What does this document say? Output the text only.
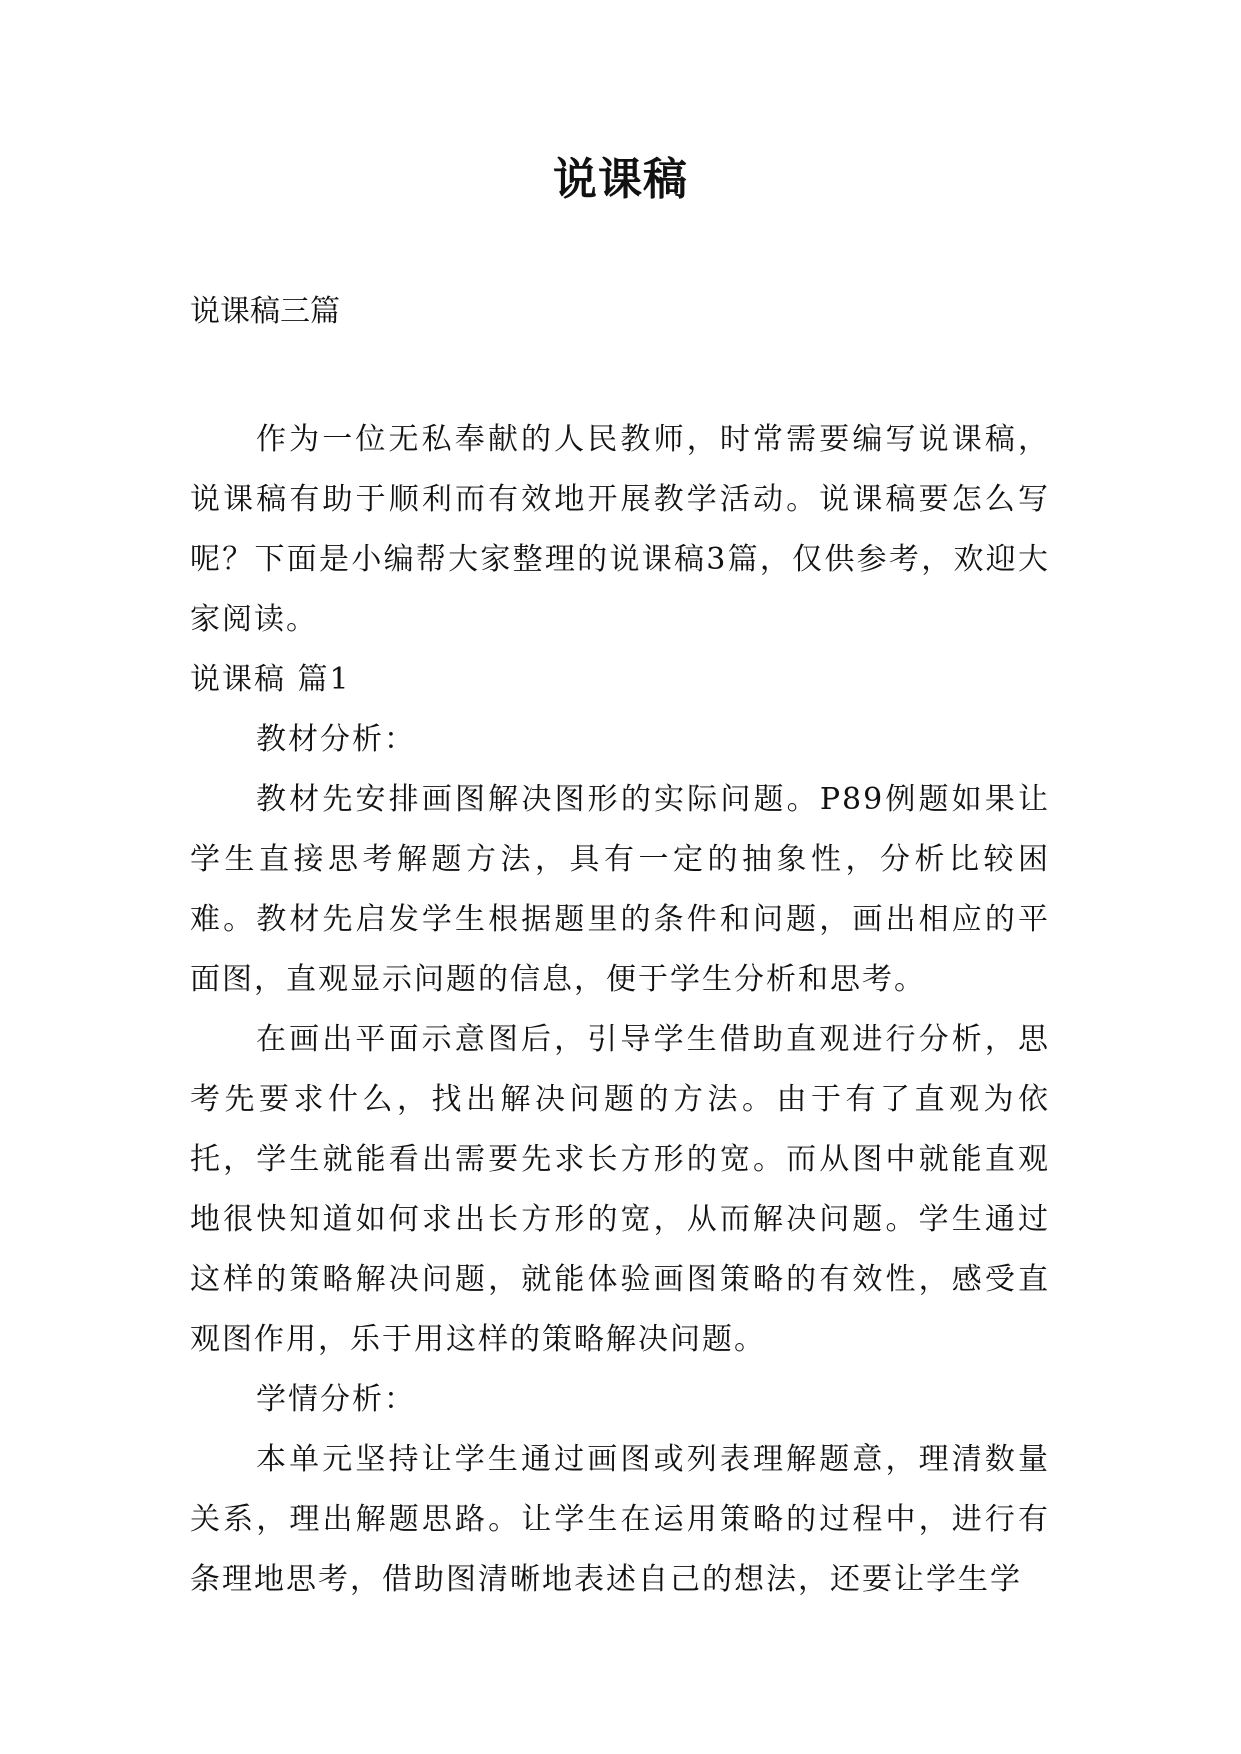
说课稿

说课稿三篇

作为一位无私奉献的人民教师，时常需要编写说课稿，说课稿有助于顺利而有效地开展教学活动。说课稿要怎么写呢？下面是小编帮大家整理的说课稿3篇，仅供参考，欢迎大家阅读。

说课稿 篇1

教材分析：

教材先安排画图解决图形的实际问题。P89例题如果让学生直接思考解题方法，具有一定的抽象性，分析比较困难。教材先启发学生根据题里的条件和问题，画出相应的平面图，直观显示问题的信息，便于学生分析和思考。

在画出平面示意图后，引导学生借助直观进行分析，思考先要求什么，找出解决问题的方法。由于有了直观为依托，学生就能看出需要先求长方形的宽。而从图中就能直观地很快知道如何求出长方形的宽，从而解决问题。学生通过这样的策略解决问题，就能体验画图策略的有效性，感受直观图作用，乐于用这样的策略解决问题。

学情分析：

本单元坚持让学生通过画图或列表理解题意，理清数量关系，理出解题思路。让学生在运用策略的过程中，进行有条理地思考，借助图清晰地表述自己的想法，还要让学生学
